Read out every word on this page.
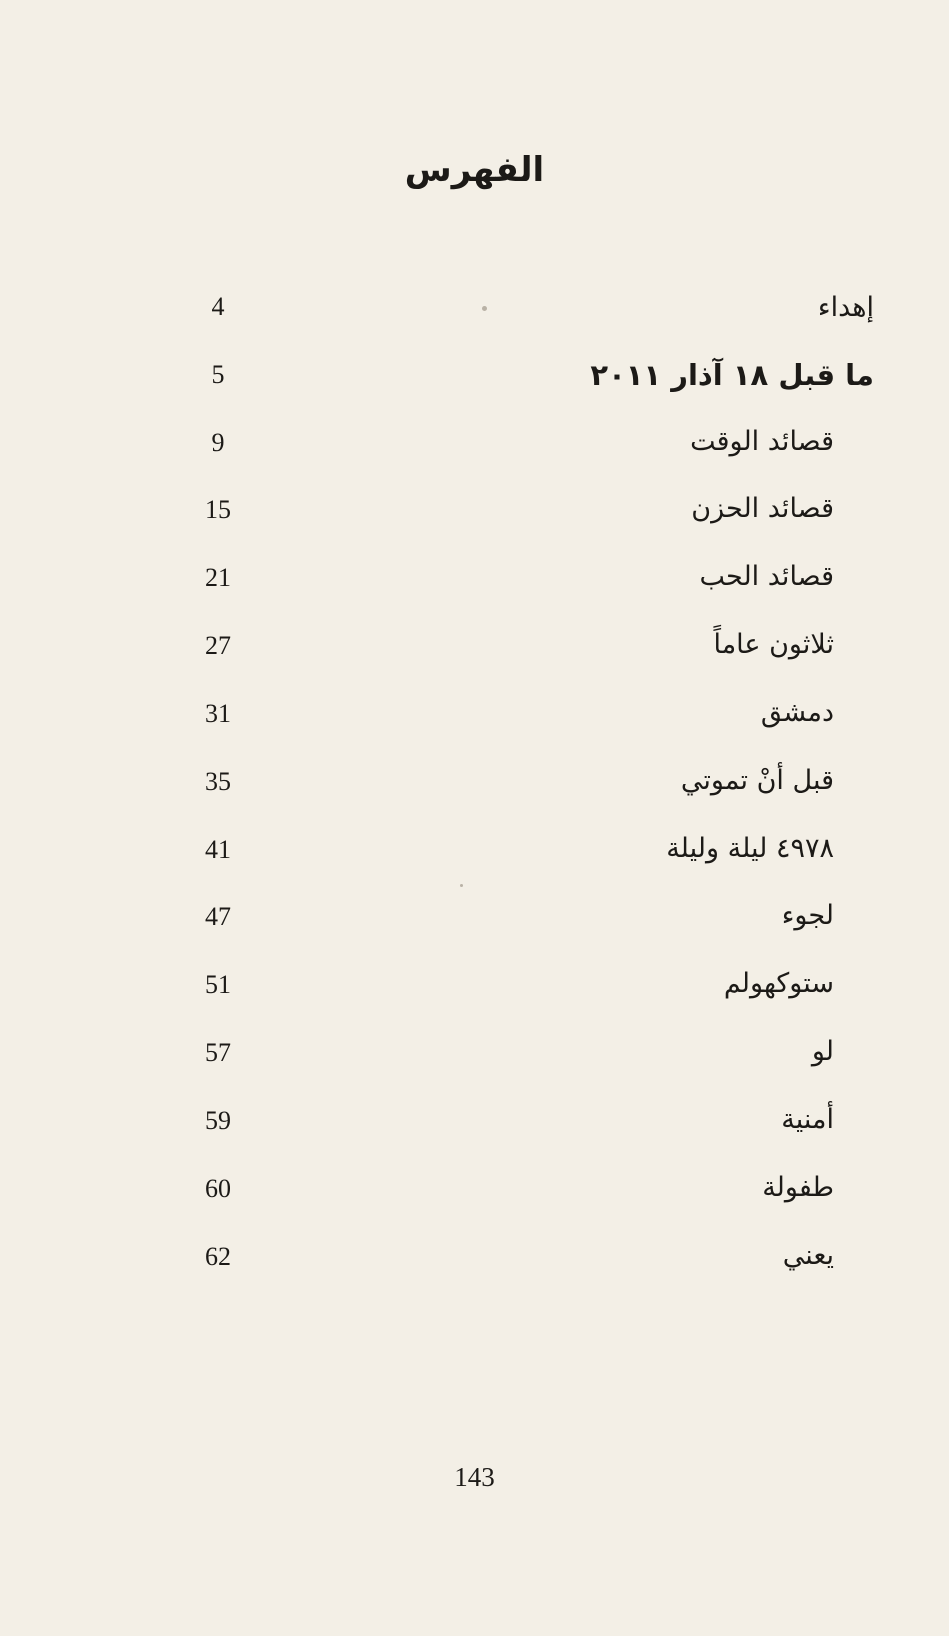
الفهرس
إهداء
4
ما قبل ١٨ آذار ٢٠١١
5
قصائد الوقت
9
قصائد الحزن
15
قصائد الحب
21
ثلاثون عاماً
27
دمشق
31
قبل أنْ تموتي
35
٤٩٧٨ ليلة وليلة
41
لجوء
47
ستوكهولم
51
لو
57
أمنية
59
طفولة
60
يعني
62
143
